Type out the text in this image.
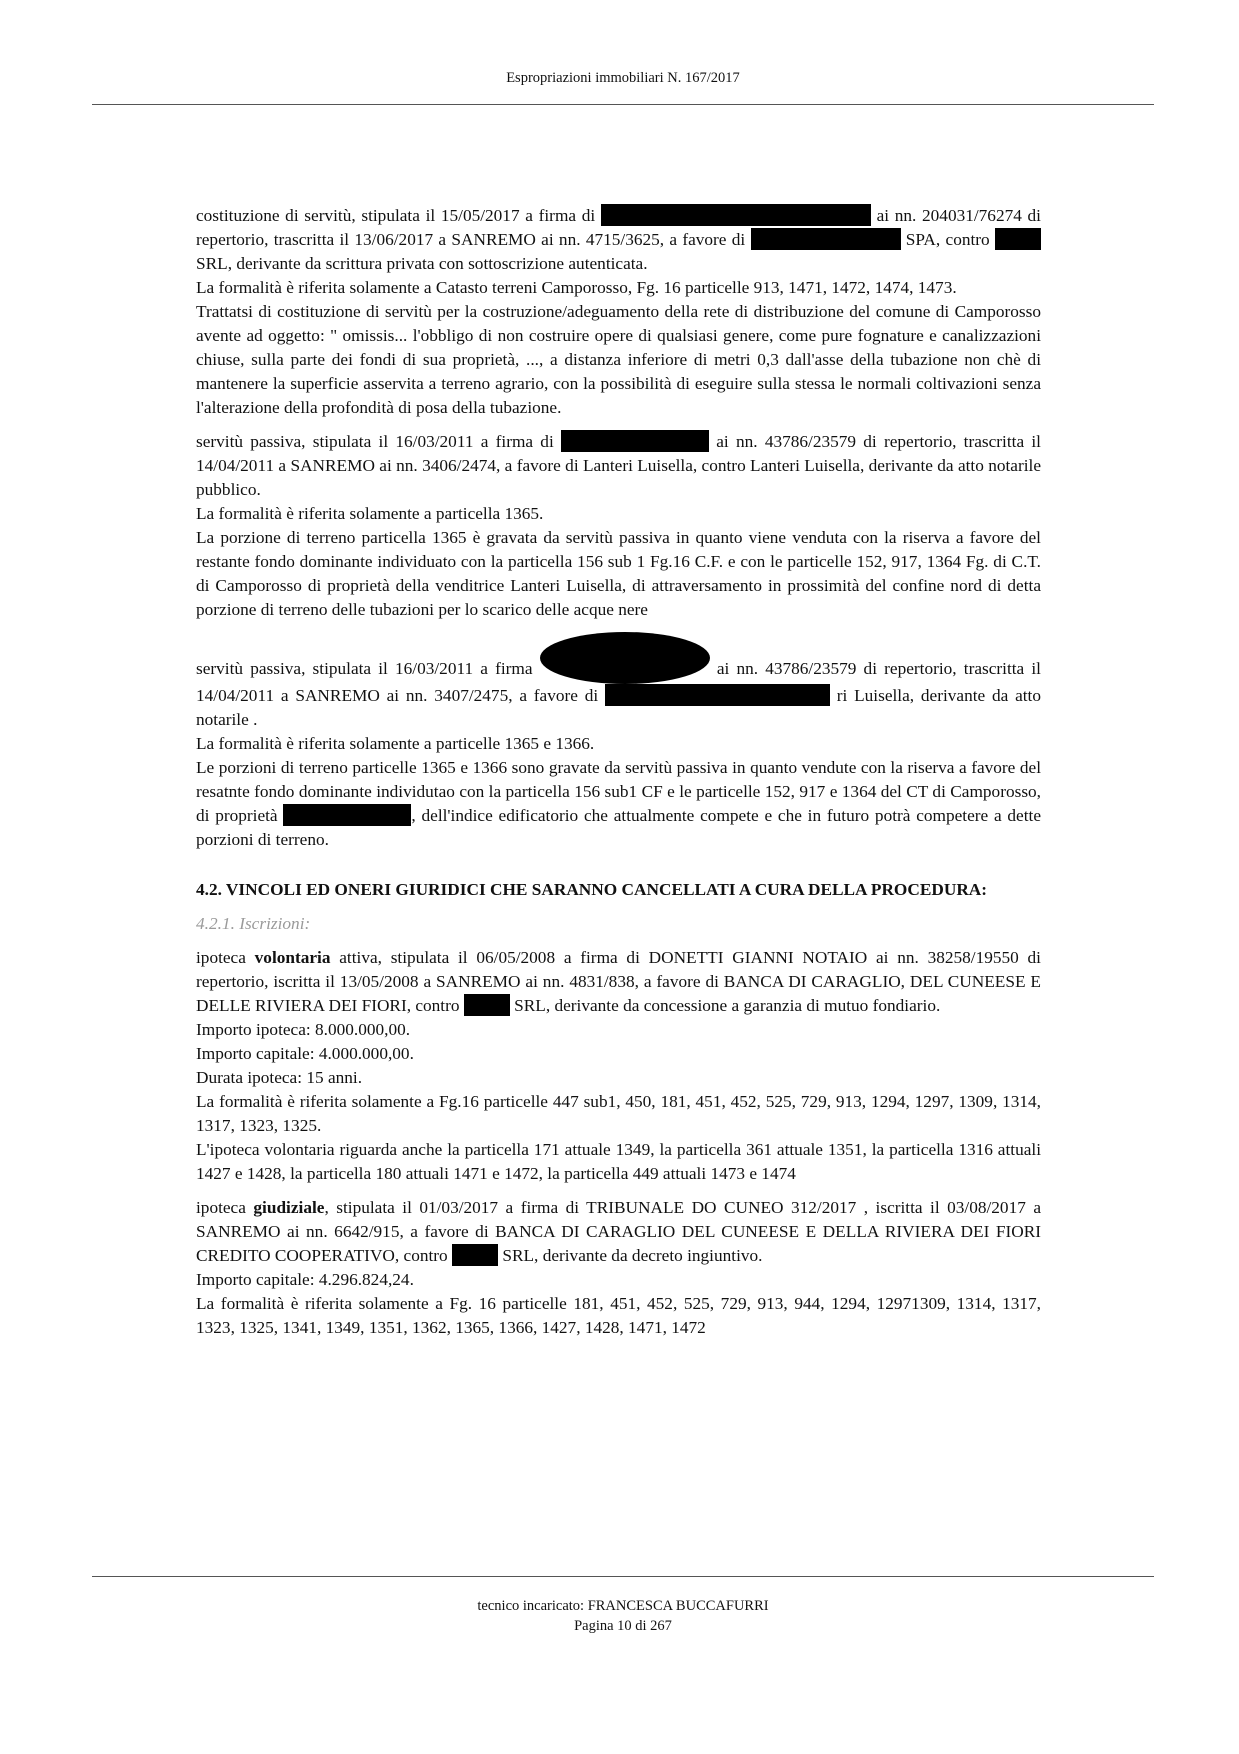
Espropriazioni immobiliari N. 167/2017

costituzione di servitù, stipulata il 15/05/2017 a firma di	ai nn. 204031/76274 di repertorio, trascritta il 13/06/2017 a SANREMO ai nn. 4715/3625, a favore di	SPA, contro  SRL, derivante da scrittura privata con sottoscrizione autenticata.

La formalità è riferita solamente a Catasto terreni Camporosso, Fg. 16 particelle 913, 1471, 1472, 1474, 1473.

Trattatsi di costituzione di servitù per la costruzione/adeguamento della rete di distribuzione del comune di Camporosso avente ad oggetto: " omissis... l'obbligo di non costruire opere di qualsiasi genere, come pure fognature e canalizzazioni chiuse, sulla parte dei fondi di sua proprietà, ..., a distanza inferiore di metri 0,3 dall'asse della tubazione non chè di mantenere la superficie asservita a terreno agrario, con la possibilità di eseguire sulla stessa le normali coltivazioni senza l'alterazione della profondità di posa della tubazione.

servitù passiva, stipulata il 16/03/2011 a firma di	ai nn. 43786/23579 di repertorio, trascritta il 14/04/2011 a SANREMO ai nn. 3406/2474, a favore di Lanteri Luisella, contro Lanteri Luisella, derivante da atto notarile pubblico.

La formalità è riferita solamente a particella 1365.

La porzione di terreno particella 1365 è gravata da servitù passiva in quanto viene venduta con la riserva a favore del restante fondo dominante individuato con la particella 156 sub 1 Fg.16 C.F. e con le particelle 152, 917, 1364 Fg. di C.T. di Camporosso di proprietà della venditrice Lanteri Luisella, di attraversamento in prossimità del confine nord di detta porzione di terreno delle tubazioni per lo scarico delle acque nere

servitù passiva, stipulata il 16/03/2011 a firma	ai nn. 43786/23579 di repertorio, trascritta il 14/04/2011 a SANREMO ai nn. 3407/2475, a favore di	ri Luisella, derivante da atto notarile .

La formalità è riferita solamente a particelle 1365 e 1366.

Le porzioni di terreno particelle 1365 e 1366 sono gravate da servitù passiva in quanto vendute con la riserva a favore del resatnte fondo dominante individutao con la particella 156 sub1 CF e le particelle 152, 917 e 1364 del CT di Camporosso, di proprietà	, dell'indice edificatorio che attualmente compete e che in futuro potrà competere a dette porzioni di terreno.

4.2. VINCOLI ED ONERI GIURIDICI CHE SARANNO CANCELLATI A CURA DELLA PROCEDURA:

4.2.1. Iscrizioni:

ipoteca volontaria attiva, stipulata il 06/05/2008 a firma di DONETTI GIANNI NOTAIO ai nn. 38258/19550 di repertorio, iscritta il 13/05/2008 a SANREMO ai nn. 4831/838, a favore di BANCA DI CARAGLIO, DEL CUNEESE E DELLE RIVIERA DEI FIORI, contro	SRL, derivante da concessione a garanzia di mutuo fondiario.

Importo ipoteca: 8.000.000,00.

Importo capitale: 4.000.000,00.

Durata ipoteca: 15 anni.

La formalità è riferita solamente a Fg.16 particelle 447 sub1, 450, 181, 451, 452, 525, 729, 913, 1294, 1297, 1309, 1314, 1317, 1323, 1325.

L'ipoteca volontaria riguarda anche la particella 171 attuale 1349, la particella 361 attuale 1351, la particella 1316 attuali 1427 e 1428, la particella 180 attuali 1471 e 1472, la particella 449 attuali 1473 e 1474

ipoteca giudiziale, stipulata il 01/03/2017 a firma di TRIBUNALE DO CUNEO 312/2017 , iscritta il 03/08/2017 a SANREMO ai nn. 6642/915, a favore di BANCA DI CARAGLIO DEL CUNEESE E DELLA RIVIERA DEI FIORI CREDITO COOPERATIVO, contro	SRL, derivante da decreto ingiuntivo.

Importo capitale: 4.296.824,24.

La formalità è riferita solamente a Fg. 16 particelle 181, 451, 452, 525, 729, 913, 944, 1294, 12971309, 1314, 1317, 1323, 1325, 1341, 1349, 1351, 1362, 1365, 1366, 1427, 1428, 1471, 1472

tecnico incaricato: FRANCESCA BUCCAFURRI
Pagina 10 di 267
